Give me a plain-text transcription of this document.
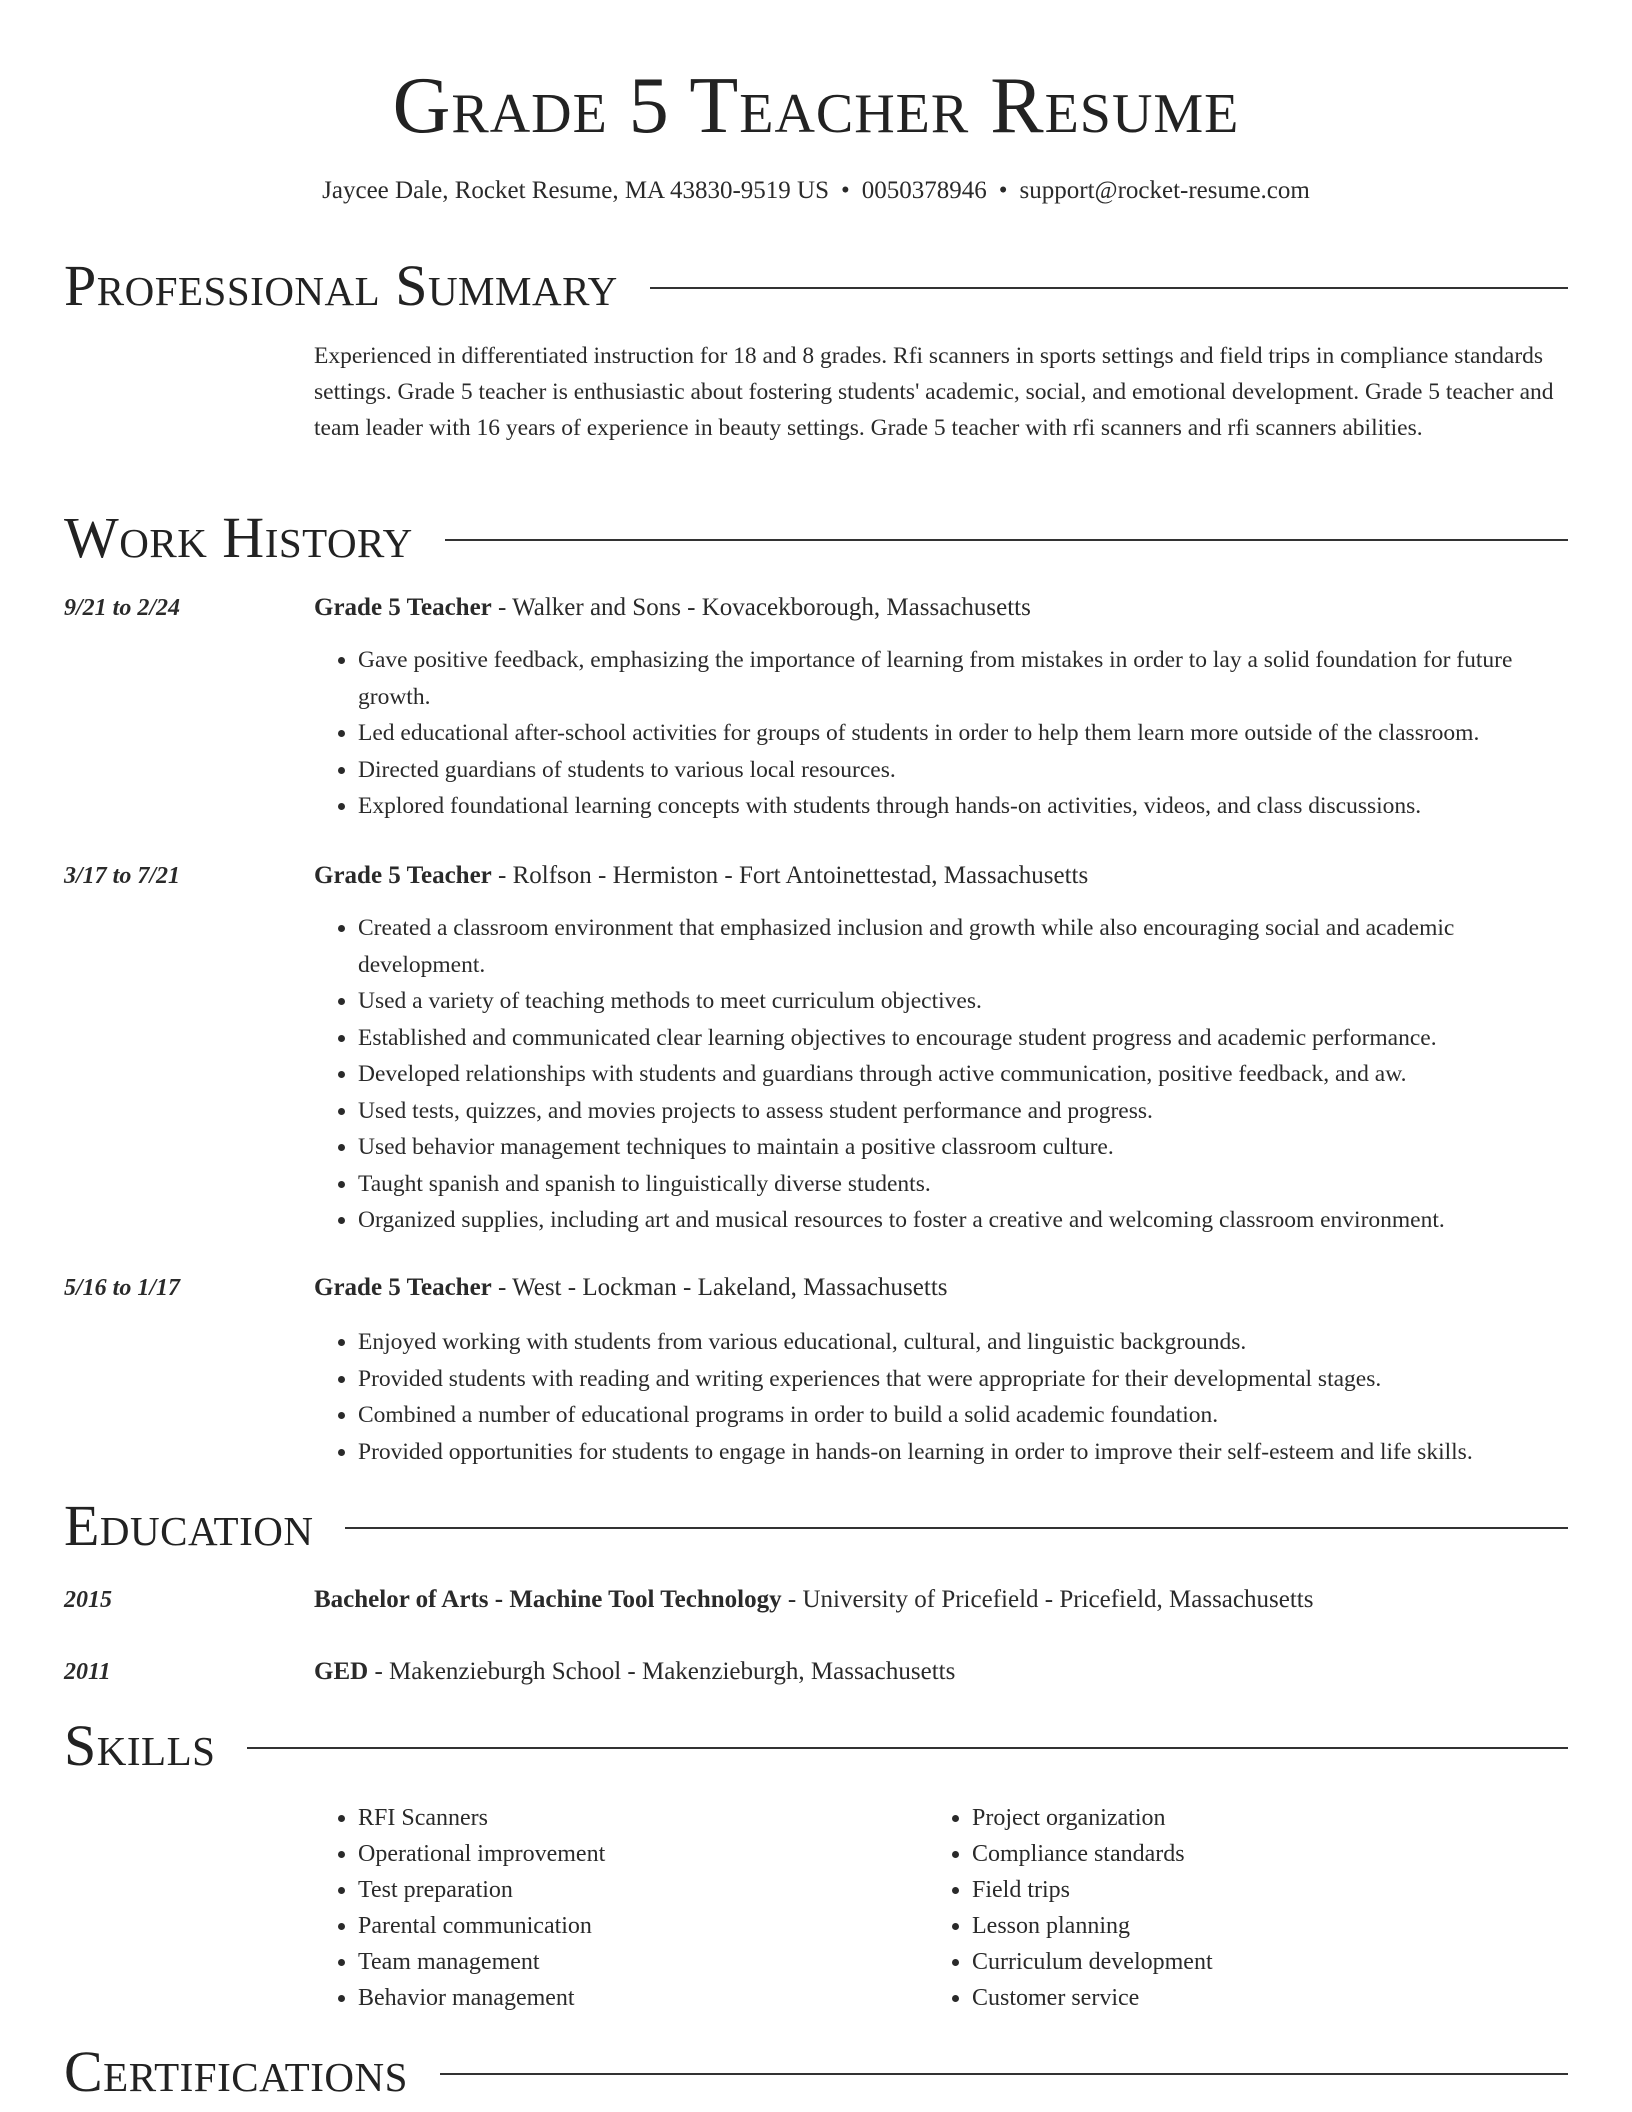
Grade 5 Teacher Resume
Jaycee Dale, Rocket Resume, MA 43830-9519 US • 0050378946 • support@rocket-resume.com
Professional Summary
Experienced in differentiated instruction for 18 and 8 grades. Rfi scanners in sports settings and field trips in compliance standards settings. Grade 5 teacher is enthusiastic about fostering students' academic, social, and emotional development. Grade 5 teacher and team leader with 16 years of experience in beauty settings. Grade 5 teacher with rfi scanners and rfi scanners abilities.
Work History
9/21 to 2/24	Grade 5 Teacher - Walker and Sons - Kovacekborough, Massachusetts
• Gave positive feedback, emphasizing the importance of learning from mistakes in order to lay a solid foundation for future growth.
• Led educational after-school activities for groups of students in order to help them learn more outside of the classroom.
• Directed guardians of students to various local resources.
• Explored foundational learning concepts with students through hands-on activities, videos, and class discussions.
3/17 to 7/21	Grade 5 Teacher - Rolfson - Hermiston - Fort Antoinettestad, Massachusetts
• Created a classroom environment that emphasized inclusion and growth while also encouraging social and academic development.
• Used a variety of teaching methods to meet curriculum objectives.
• Established and communicated clear learning objectives to encourage student progress and academic performance.
• Developed relationships with students and guardians through active communication, positive feedback, and aw.
• Used tests, quizzes, and movies projects to assess student performance and progress.
• Used behavior management techniques to maintain a positive classroom culture.
• Taught spanish and spanish to linguistically diverse students.
• Organized supplies, including art and musical resources to foster a creative and welcoming classroom environment.
5/16 to 1/17	Grade 5 Teacher - West - Lockman - Lakeland, Massachusetts
• Enjoyed working with students from various educational, cultural, and linguistic backgrounds.
• Provided students with reading and writing experiences that were appropriate for their developmental stages.
• Combined a number of educational programs in order to build a solid academic foundation.
• Provided opportunities for students to engage in hands-on learning in order to improve their self-esteem and life skills.
Education
2015	Bachelor of Arts - Machine Tool Technology - University of Pricefield - Pricefield, Massachusetts
2011	GED - Makenzieburgh School - Makenzieburgh, Massachusetts
Skills
• RFI Scanners
• Operational improvement
• Test preparation
• Parental communication
• Team management
• Behavior management
• Project organization
• Compliance standards
• Field trips
• Lesson planning
• Curriculum development
• Customer service
Certifications
